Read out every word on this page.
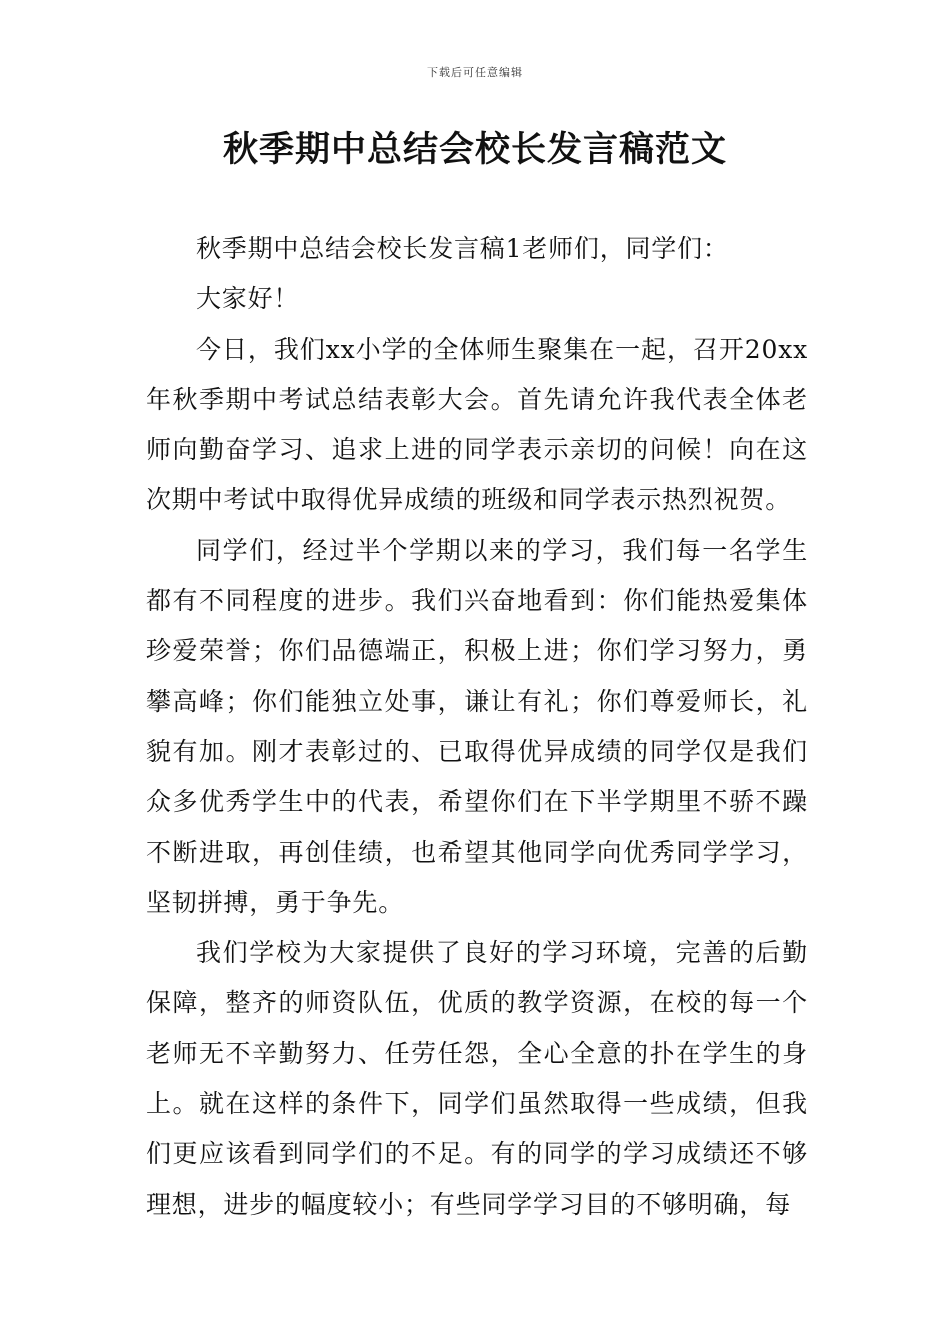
下载后可任意编辑
秋季期中总结会校长发言稿范文

秋季期中总结会校长发言稿1老师们，同学们：

大家好！

今日，我们xx小学的全体师生聚集在一起，召开20xx年秋季期中考试总结表彰大会。首先请允许我代表全体老师向勤奋学习、追求上进的同学表示亲切的问候！向在这次期中考试中取得优异成绩的班级和同学表示热烈祝贺。

同学们，经过半个学期以来的学习，我们每一名学生都有不同程度的进步。我们兴奋地看到：你们能热爱集体珍爱荣誉；你们品德端正，积极上进；你们学习努力，勇攀高峰；你们能独立处事，谦让有礼；你们尊爱师长，礼貌有加。刚才表彰过的、已取得优异成绩的同学仅是我们众多优秀学生中的代表，希望你们在下半学期里不骄不躁不断进取，再创佳绩，也希望其他同学向优秀同学学习，坚韧拼搏，勇于争先。

我们学校为大家提供了良好的学习环境，完善的后勤保障，整齐的师资队伍，优质的教学资源，在校的每一个老师无不辛勤努力、任劳任怨，全心全意的扑在学生的身上。就在这样的条件下，同学们虽然取得一些成绩，但我们更应该看到同学们的不足。有的同学的学习成绩还不够理想，进步的幅度较小；有些同学学习目的不够明确，每
